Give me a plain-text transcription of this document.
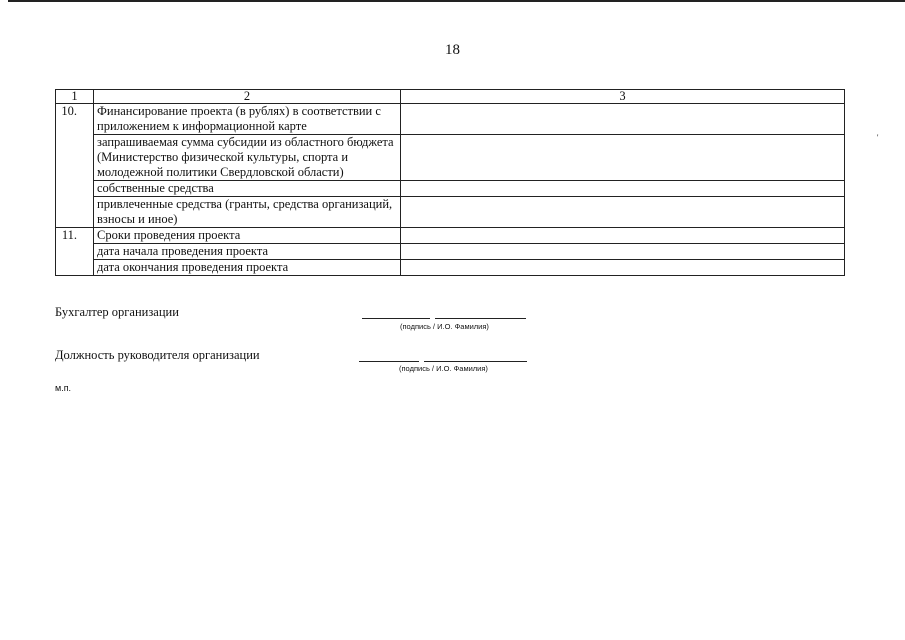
18
'
1	2	3
10.	Финансирование проекта (в рублях) в соответствии с приложением к информационной карте	
	запрашиваемая сумма субсидии из областного бюджета (Министерство физической культуры, спорта и молодежной политики Свердловской области)	
	собственные средства	
	привлеченные средства (гранты, средства организаций, взносы и иное)	
11.	Сроки проведения проекта	
	дата начала проведения проекта	
	дата окончания проведения проекта	
Бухгалтер организации
(подпись / И.О. Фамилия)
Должность руководителя организации
(подпись / И.О. Фамилия)
м.п.
